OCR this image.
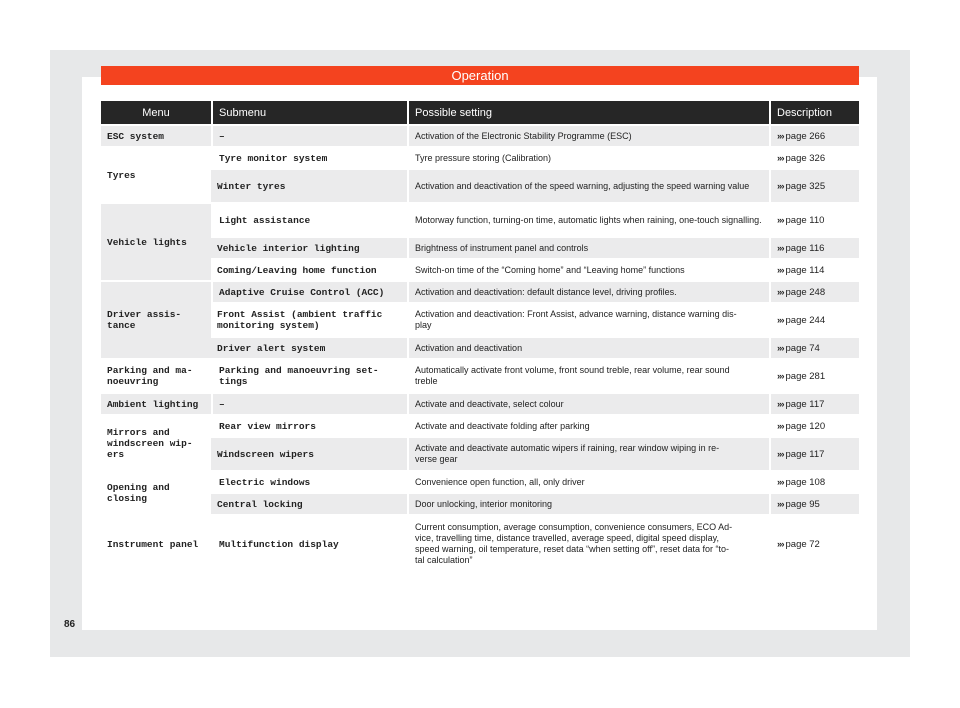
Operation
Menu	Submenu	Possible setting	Description
ESC system	–	Activation of the Electronic Stability Programme (ESC)	››› page 266
Tyres	Tyre monitor system	Tyre pressure storing (Calibration)	››› page 326
	Winter tyres	Activation and deactivation of the speed warning, adjusting the speed warning value	››› page 325
Vehicle lights	Light assistance	Motorway function, turning-on time, automatic lights when raining, one-touch signalling.	››› page 110
	Vehicle interior lighting	Brightness of instrument panel and controls	››› page 116
	Coming/Leaving home function	Switch-on time of the “Coming home” and “Leaving home” functions	››› page 114
Driver assis-
tance	Adaptive Cruise Control (ACC)	Activation and deactivation: default distance level, driving profiles.	››› page 248
	Front Assist (ambient traffic
monitoring system)	Activation and deactivation: Front Assist, advance warning, distance warning dis-
play	››› page 244
	Driver alert system	Activation and deactivation	››› page 74
Parking and ma-
noeuvring	Parking and manoeuvring set-
tings	Automatically activate front volume, front sound treble, rear volume, rear sound
treble	››› page 281
Ambient lighting	–	Activate and deactivate, select colour	››› page 117
Mirrors and
windscreen wip-
ers	Rear view mirrors	Activate and deactivate folding after parking	››› page 120
	Windscreen wipers	Activate and deactivate automatic wipers if raining, rear window wiping in re-
verse gear	››› page 117
Opening and
closing	Electric windows	Convenience open function, all, only driver	››› page 108
	Central locking	Door unlocking, interior monitoring	››› page 95
Instrument panel	Multifunction display	Current consumption, average consumption, convenience consumers, ECO Ad-
vice, travelling time, distance travelled, average speed, digital speed display,
speed warning, oil temperature, reset data “when setting off”, reset data for “to-
tal calculation”	››› page 72
86
